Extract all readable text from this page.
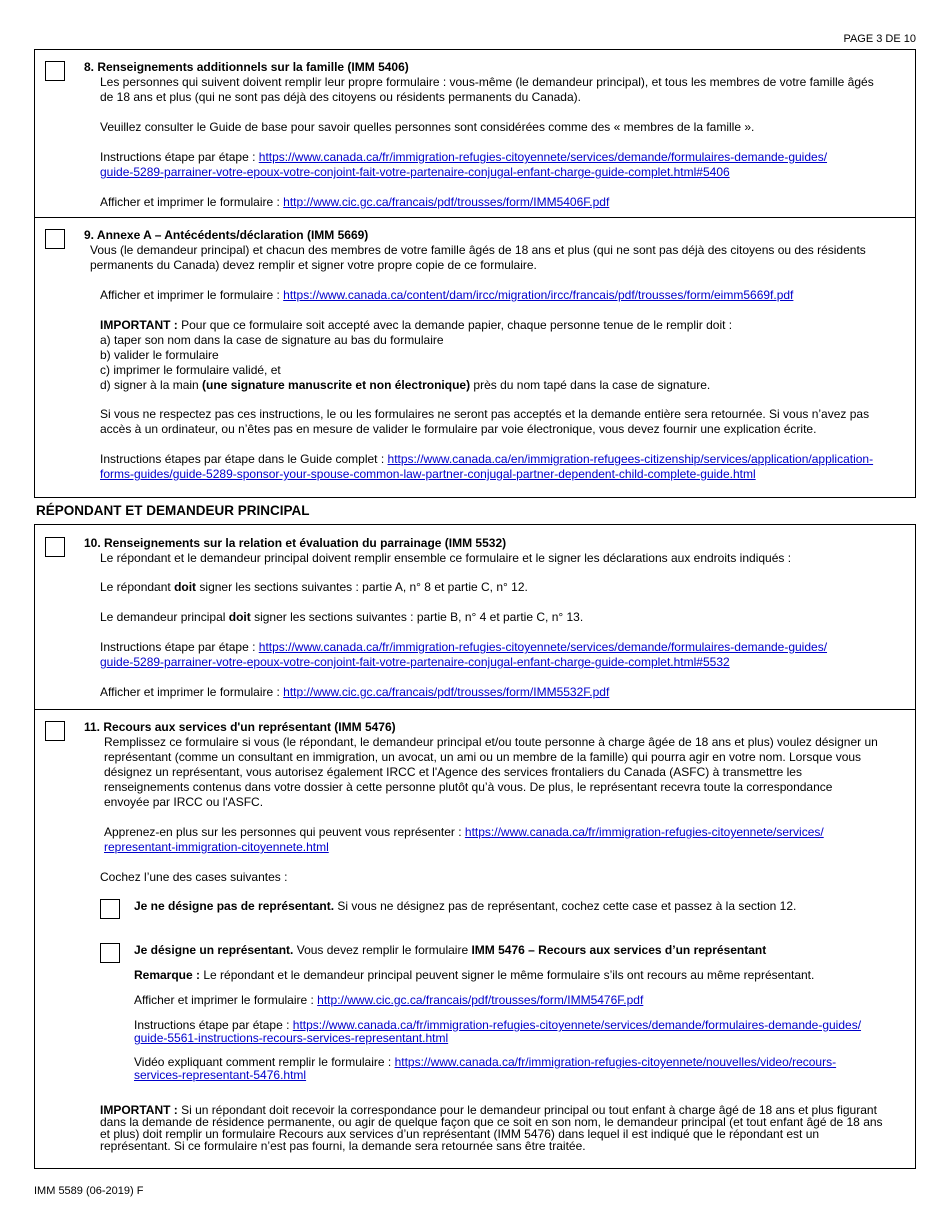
PAGE 3 DE 10
8. Renseignements additionnels sur la famille (IMM 5406)
Les personnes qui suivent doivent remplir leur propre formulaire : vous-même (le demandeur principal), et tous les membres de votre famille âgés
de 18 ans et plus (qui ne sont pas déjà des citoyens ou résidents permanents du Canada).
Veuillez consulter le Guide de base pour savoir quelles personnes sont considérées comme des « membres de la famille ».
Instructions étape par étape : https://www.canada.ca/fr/immigration-refugies-citoyennete/services/demande/formulaires-demande-guides/
guide-5289-parrainer-votre-epoux-votre-conjoint-fait-votre-partenaire-conjugal-enfant-charge-guide-complet.html#5406
Afficher et imprimer le formulaire : http://www.cic.gc.ca/francais/pdf/trousses/form/IMM5406F.pdf
9. Annexe A – Antécédents/déclaration (IMM 5669)
Vous (le demandeur principal) et chacun des membres de votre famille âgés de 18 ans et plus (qui ne sont pas déjà des citoyens ou des résidents
permanents du Canada) devez remplir et signer votre propre copie de ce formulaire.
Afficher et imprimer le formulaire : https://www.canada.ca/content/dam/ircc/migration/ircc/francais/pdf/trousses/form/eimm5669f.pdf
IMPORTANT : Pour que ce formulaire soit accepté avec la demande papier, chaque personne tenue de le remplir doit :
a) taper son nom dans la case de signature au bas du formulaire
b) valider le formulaire
c) imprimer le formulaire validé, et
d) signer à la main (une signature manuscrite et non électronique) près du nom tapé dans la case de signature.
Si vous ne respectez pas ces instructions, le ou les formulaires ne seront pas acceptés et la demande entière sera retournée. Si vous n’avez pas
accès à un ordinateur, ou n’êtes pas en mesure de valider le formulaire par voie électronique, vous devez fournir une explication écrite.
Instructions étapes par étape dans le Guide complet : https://www.canada.ca/en/immigration-refugees-citizenship/services/application/application-
forms-guides/guide-5289-sponsor-your-spouse-common-law-partner-conjugal-partner-dependent-child-complete-guide.html
RÉPONDANT ET DEMANDEUR PRINCIPAL
10. Renseignements sur la relation et évaluation du parrainage (IMM 5532)
Le répondant et le demandeur principal doivent remplir ensemble ce formulaire et le signer les déclarations aux endroits indiqués :
Le répondant doit signer les sections suivantes : partie A, n° 8 et partie C, n° 12.
Le demandeur principal doit signer les sections suivantes : partie B, n° 4 et partie C, n° 13.
Instructions étape par étape : https://www.canada.ca/fr/immigration-refugies-citoyennete/services/demande/formulaires-demande-guides/
guide-5289-parrainer-votre-epoux-votre-conjoint-fait-votre-partenaire-conjugal-enfant-charge-guide-complet.html#5532
Afficher et imprimer le formulaire : http://www.cic.gc.ca/francais/pdf/trousses/form/IMM5532F.pdf
11. Recours aux services d'un représentant (IMM 5476)
Remplissez ce formulaire si vous (le répondant, le demandeur principal et/ou toute personne à charge âgée de 18 ans et plus) voulez désigner un
représentant (comme un consultant en immigration, un avocat, un ami ou un membre de la famille) qui pourra agir en votre nom. Lorsque vous
désignez un représentant, vous autorisez également IRCC et l'Agence des services frontaliers du Canada (ASFC) à transmettre les
renseignements contenus dans votre dossier à cette personne plutôt qu’à vous. De plus, le représentant recevra toute la correspondance
envoyée par IRCC ou l'ASFC.
Apprenez-en plus sur les personnes qui peuvent vous représenter : https://www.canada.ca/fr/immigration-refugies-citoyennete/services/
representant-immigration-citoyennete.html
Cochez l’une des cases suivantes :
Je ne désigne pas de représentant. Si vous ne désignez pas de représentant, cochez cette case et passez à la section 12.
Je désigne un représentant. Vous devez remplir le formulaire IMM 5476 – Recours aux services d’un représentant
Remarque : Le répondant et le demandeur principal peuvent signer le même formulaire s’ils ont recours au même représentant.
Afficher et imprimer le formulaire : http://www.cic.gc.ca/francais/pdf/trousses/form/IMM5476F.pdf
Instructions étape par étape : https://www.canada.ca/fr/immigration-refugies-citoyennete/services/demande/formulaires-demande-guides/
guide-5561-instructions-recours-services-representant.html
Vidéo expliquant comment remplir le formulaire : https://www.canada.ca/fr/immigration-refugies-citoyennete/nouvelles/video/recours-
services-representant-5476.html
IMPORTANT : Si un répondant doit recevoir la correspondance pour le demandeur principal ou tout enfant à charge âgé de 18 ans et plus figurant
dans la demande de résidence permanente, ou agir de quelque façon que ce soit en son nom, le demandeur principal (et tout enfant âgé de 18 ans
et plus) doit remplir un formulaire Recours aux services d’un représentant (IMM 5476) dans lequel il est indiqué que le répondant est un
représentant. Si ce formulaire n’est pas fourni, la demande sera retournée sans être traitée.
IMM 5589 (06-2019) F
